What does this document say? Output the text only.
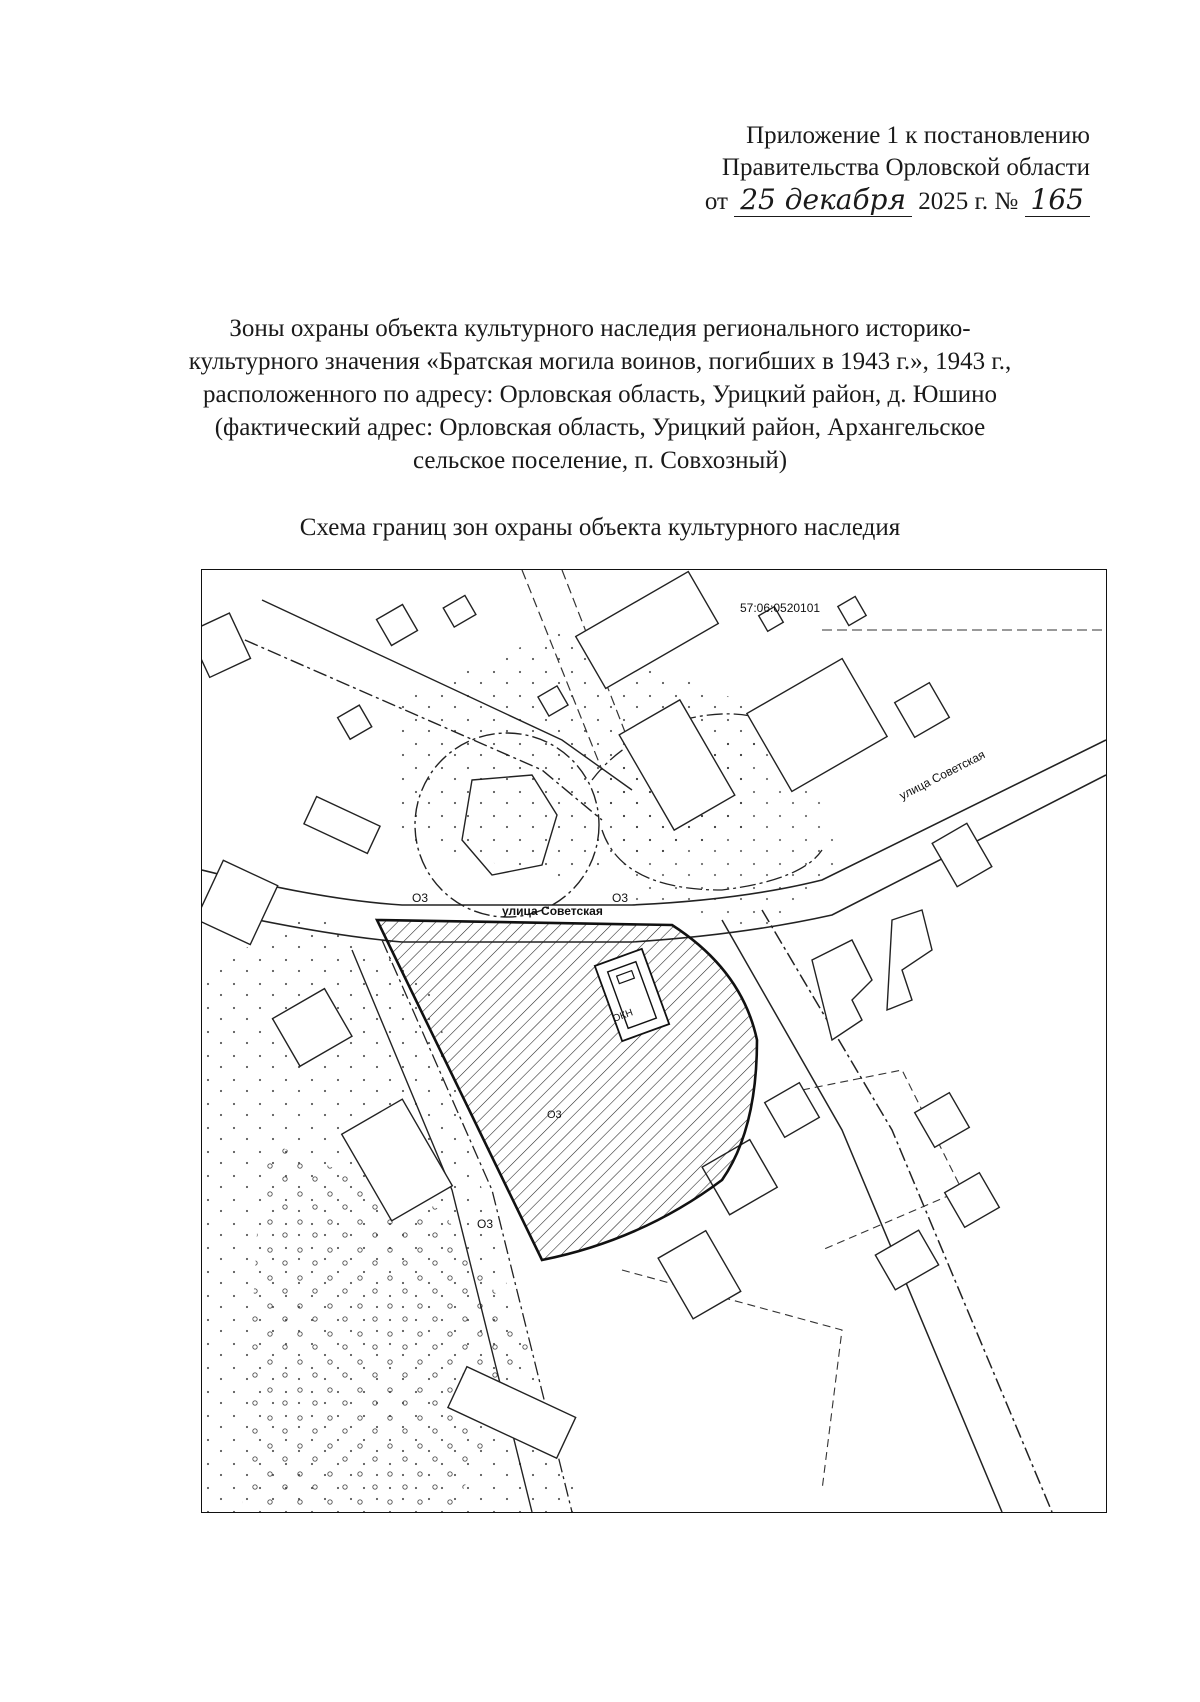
Приложение 1 к постановлению
Правительства Орловской области
от 25 декабря 2025 г. № 165
Зоны охраны объекта культурного наследия регионального историко-
культурного значения «Братская могила воинов, погибших в 1943 г.», 1943 г.,
расположенного по адресу: Орловская область, Урицкий район, д. Юшино
(фактический адрес: Орловская область, Урицкий район, Архангельское
сельское поселение, п. Совхозный)
Схема границ зон охраны объекта культурного наследия
57:06:0520101
улица Советская
улица Советская
О3	О3
О3
О3
ОКН
